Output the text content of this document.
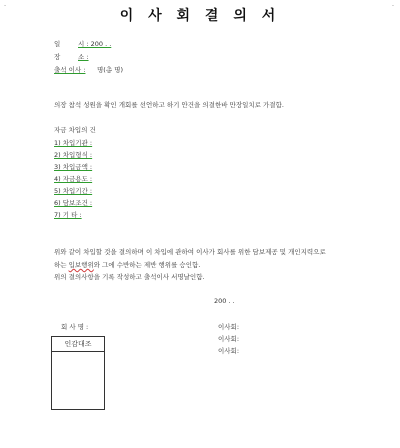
-	-
이 사 회 결 의 서
일	시 : 200 . .
장	소 :
출석 이사 : 명(총 명)
의장 참석 성원을 확인 개회를 선언하고 하기 안건을 의결한바 만장일치로 가결함.
자금 차입의 건
1) 차입기관 :
2) 차입형식 :
3) 차입금액 :
4) 자금용도 :
5) 차입기간 :
6) 담보조건 :
7) 기 타 :
위와 같이 차입할 것을 결의하며 이 차입에 관하여 이사가 회사를 위한 담보제공 및 개인지력으로
하는 입보행위와 그에 수반하는 제반 행위를 승인함.
위의 결의사항을 기록 작성하고 출석이사 서명날인함.
200 . .
회 사 명 :	이사회:
이사회:
이사회:
인감대조
